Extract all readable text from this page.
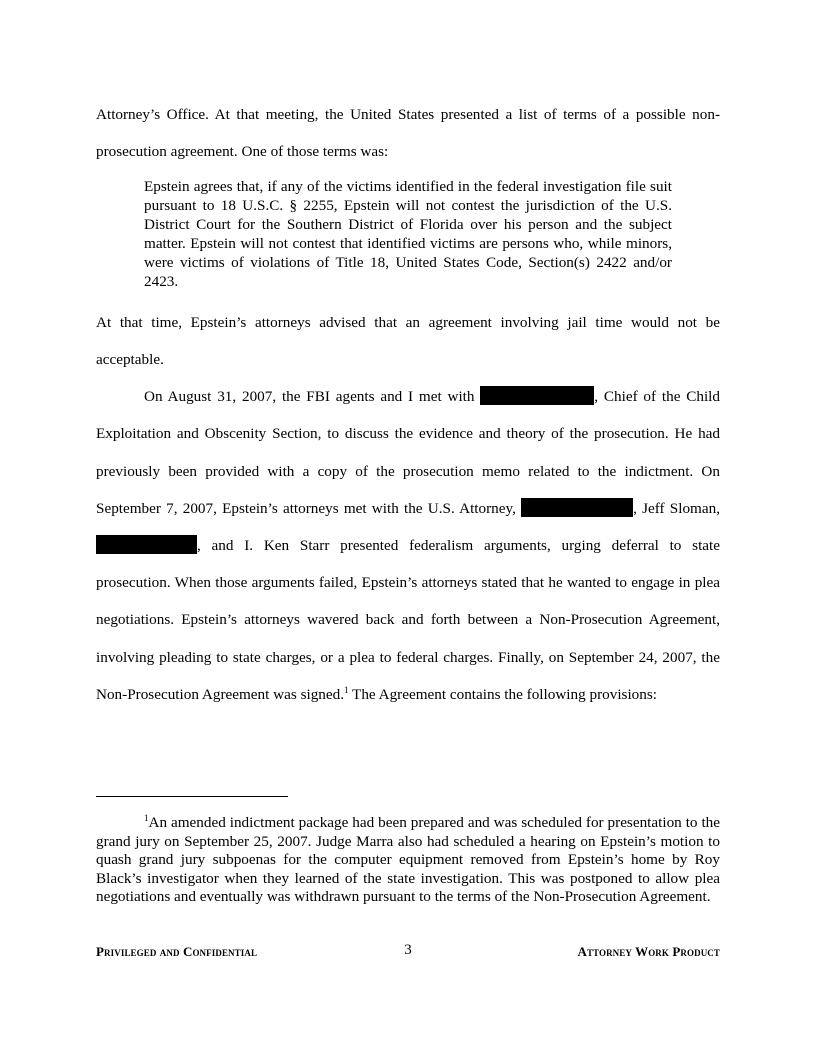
Attorney’s Office. At that meeting, the United States presented a list of terms of a possible non-prosecution agreement. One of those terms was:

Epstein agrees that, if any of the victims identified in the federal investigation file suit pursuant to 18 U.S.C. § 2255, Epstein will not contest the jurisdiction of the U.S. District Court for the Southern District of Florida over his person and the subject matter. Epstein will not contest that identified victims are persons who, while minors, were victims of violations of Title 18, United States Code, Section(s) 2422 and/or 2423.

At that time, Epstein’s attorneys advised that an agreement involving jail time would not be acceptable.

On August 31, 2007, the FBI agents and I met with	, Chief of the Child Exploitation and Obscenity Section, to discuss the evidence and theory of the prosecution. He had previously been provided with a copy of the prosecution memo related to the indictment. On September 7, 2007, Epstein’s attorneys met with the U.S. Attorney,	, Jeff Sloman, , and I. Ken Starr presented federalism arguments, urging deferral to state prosecution. When those arguments failed, Epstein’s attorneys stated that he wanted to engage in plea negotiations. Epstein’s attorneys wavered back and forth between a Non-Prosecution Agreement, involving pleading to state charges, or a plea to federal charges. Finally, on September 24, 2007, the Non-Prosecution Agreement was signed.$^1$ The Agreement contains the following provisions:

$^1$An amended indictment package had been prepared and was scheduled for presentation to the grand jury on September 25, 2007. Judge Marra also had scheduled a hearing on Epstein’s motion to quash grand jury subpoenas for the computer equipment removed from Epstein’s home by Roy Black’s investigator when they learned of the state investigation. This was postponed to allow plea negotiations and eventually was withdrawn pursuant to the terms of the Non-Prosecution Agreement.

Privileged and Confidential	3	Attorney Work Product
